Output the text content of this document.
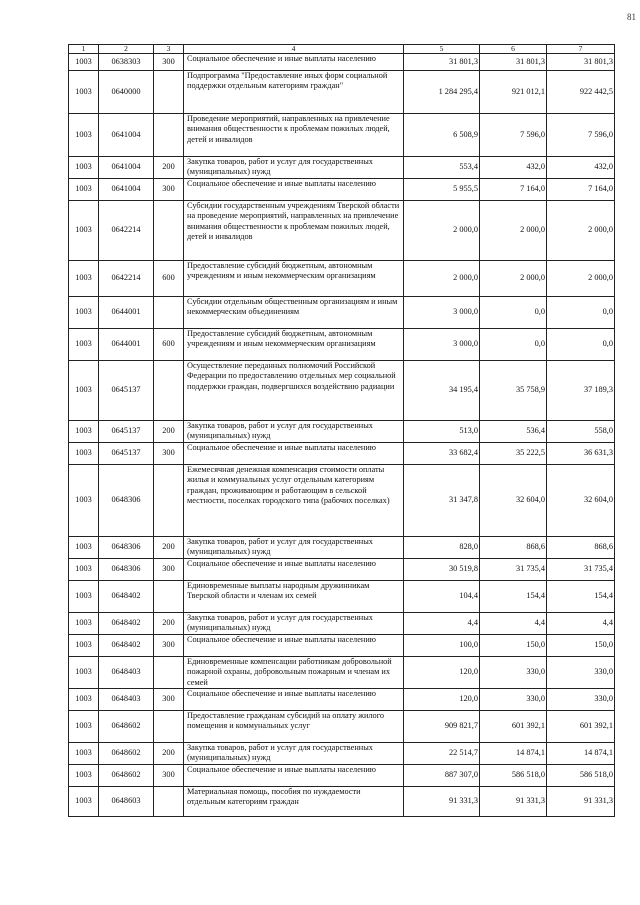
81
1	2	3	4	5	6	7
1003	0638303	300	Социальное обеспечение и иные выплаты населению	31 801,3	31 801,3	31 801,3
1003	0640000		Подпрограмма "Предоставление иных форм социальной поддержки отдельным категориям граждан"	1 284 295,4	921 012,1	922 442,5
1003	0641004		Проведение мероприятий, направленных на привлечение внимания общественности к проблемам пожилых людей, детей и инвалидов	6 508,9	7 596,0	7 596,0
1003	0641004	200	Закупка товаров, работ и услуг для государственных (муниципальных) нужд	553,4	432,0	432,0
1003	0641004	300	Социальное обеспечение и иные выплаты населению	5 955,5	7 164,0	7 164,0
1003	0642214		Субсидии государственным учреждениям Тверской области на проведение мероприятий, направленных на привлечение внимания общественности к проблемам пожилых людей, детей и инвалидов	2 000,0	2 000,0	2 000,0
1003	0642214	600	Предоставление субсидий бюджетным, автономным учреждениям и иным некоммерческим организациям	2 000,0	2 000,0	2 000,0
1003	0644001		Субсидии отдельным общественным организациям и иным некоммерческим объединениям	3 000,0	0,0	0,0
1003	0644001	600	Предоставление субсидий бюджетным, автономным учреждениям и иным некоммерческим организациям	3 000,0	0,0	0,0
1003	0645137		Осуществление переданных полномочий Российской Федерации по предоставлению отдельных мер социальной поддержки граждан, подвергшихся воздействию радиации	34 195,4	35 758,9	37 189,3
1003	0645137	200	Закупка товаров, работ и услуг для государственных (муниципальных) нужд	513,0	536,4	558,0
1003	0645137	300	Социальное обеспечение и иные выплаты населению	33 682,4	35 222,5	36 631,3
1003	0648306		Ежемесячная денежная компенсация стоимости оплаты жилья и коммунальных услуг отдельным категориям граждан, проживающим и работающим в сельской местности, поселках городского типа (рабочих поселках)	31 347,8	32 604,0	32 604,0
1003	0648306	200	Закупка товаров, работ и услуг для государственных (муниципальных) нужд	828,0	868,6	868,6
1003	0648306	300	Социальное обеспечение и иные выплаты населению	30 519,8	31 735,4	31 735,4
1003	0648402		Единовременные выплаты народным дружинникам Тверской области и членам их семей	104,4	154,4	154,4
1003	0648402	200	Закупка товаров, работ и услуг для государственных (муниципальных) нужд	4,4	4,4	4,4
1003	0648402	300	Социальное обеспечение и иные выплаты населению	100,0	150,0	150,0
1003	0648403		Единовременные компенсации работникам добровольной пожарной охраны, добровольным пожарным и членам их семей	120,0	330,0	330,0
1003	0648403	300	Социальное обеспечение и иные выплаты населению	120,0	330,0	330,0
1003	0648602		Предоставление гражданам субсидий на оплату жилого помещения и коммунальных услуг	909 821,7	601 392,1	601 392,1
1003	0648602	200	Закупка товаров, работ и услуг для государственных (муниципальных) нужд	22 514,7	14 874,1	14 874,1
1003	0648602	300	Социальное обеспечение и иные выплаты населению	887 307,0	586 518,0	586 518,0
1003	0648603		Материальная помощь, пособия по нуждаемости отдельным категориям граждан	91 331,3	91 331,3	91 331,3
